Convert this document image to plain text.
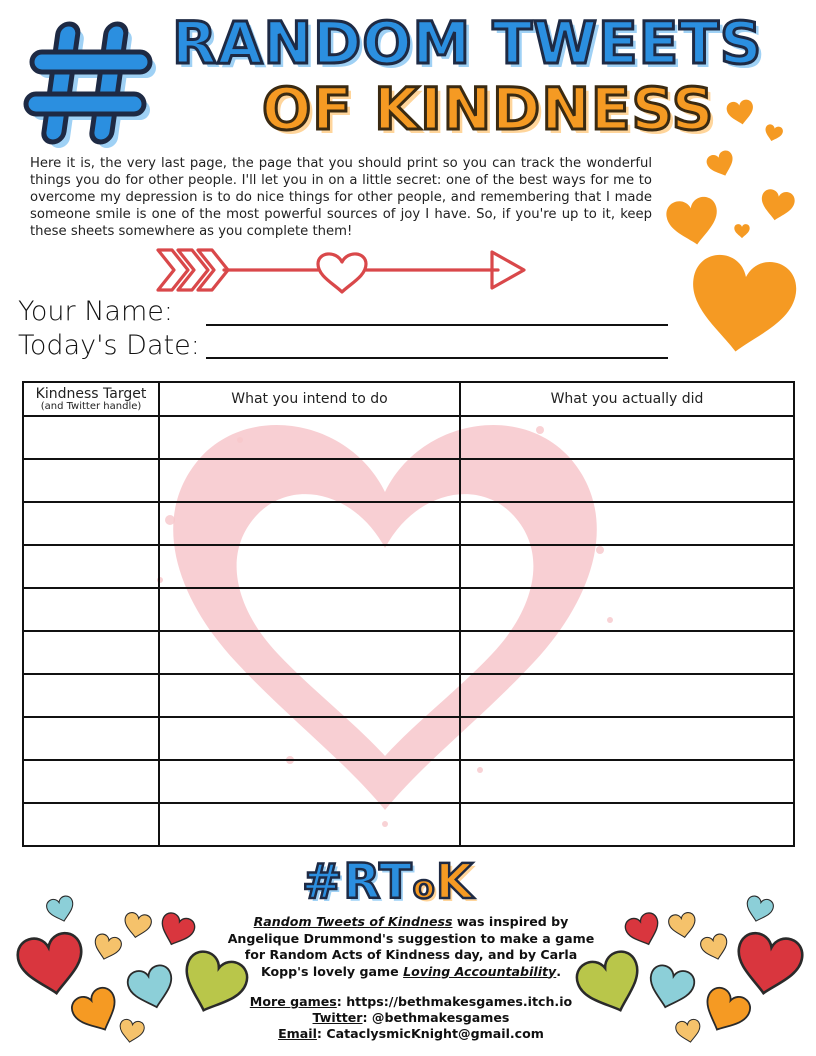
RANDOM TWEETS
OF KINDNESS

Here it is, the very last page, the page that you should print so you can track the wonderful things you do for other people. I'll let you in on a little secret: one of the best ways for me to overcome my depression is to do nice things for other people, and remembering that I made someone smile is one of the most powerful sources of joy I have. So, if you're up to it, keep these sheets somewhere as you complete them!

Your Name:
Today's Date:
Kindness Target
(and Twitter handle)	What you intend to do	What you actually did

#RToK

Random Tweets of Kindness was inspired by Angelique Drummond's suggestion to make a game for Random Acts of Kindness day, and by Carla Kopp's lovely game Loving Accountability.

More games: https://bethmakesgames.itch.io
Twitter: @bethmakesgames
Email: CataclysmicKnight@gmail.com
